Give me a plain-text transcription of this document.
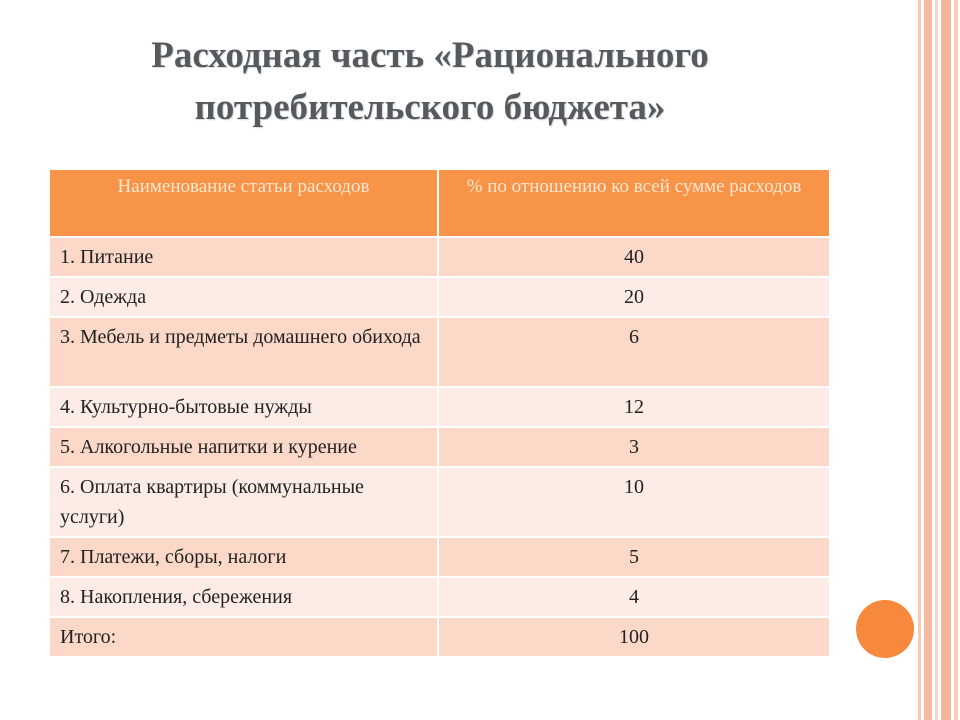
Расходная часть «Рационального
потребительского бюджета»
Наименование статьи расходов	% по отношению ко всей сумме расходов
1. Питание	40
2. Одежда	20
3. Мебель и предметы домашнего обихода	6
4. Культурно-бытовые нужды	12
5. Алкогольные напитки и курение	3
6. Оплата квартиры (коммунальные услуги)	10
7. Платежи, сборы, налоги	5
8. Накопления, сбережения	4
Итого:	100
